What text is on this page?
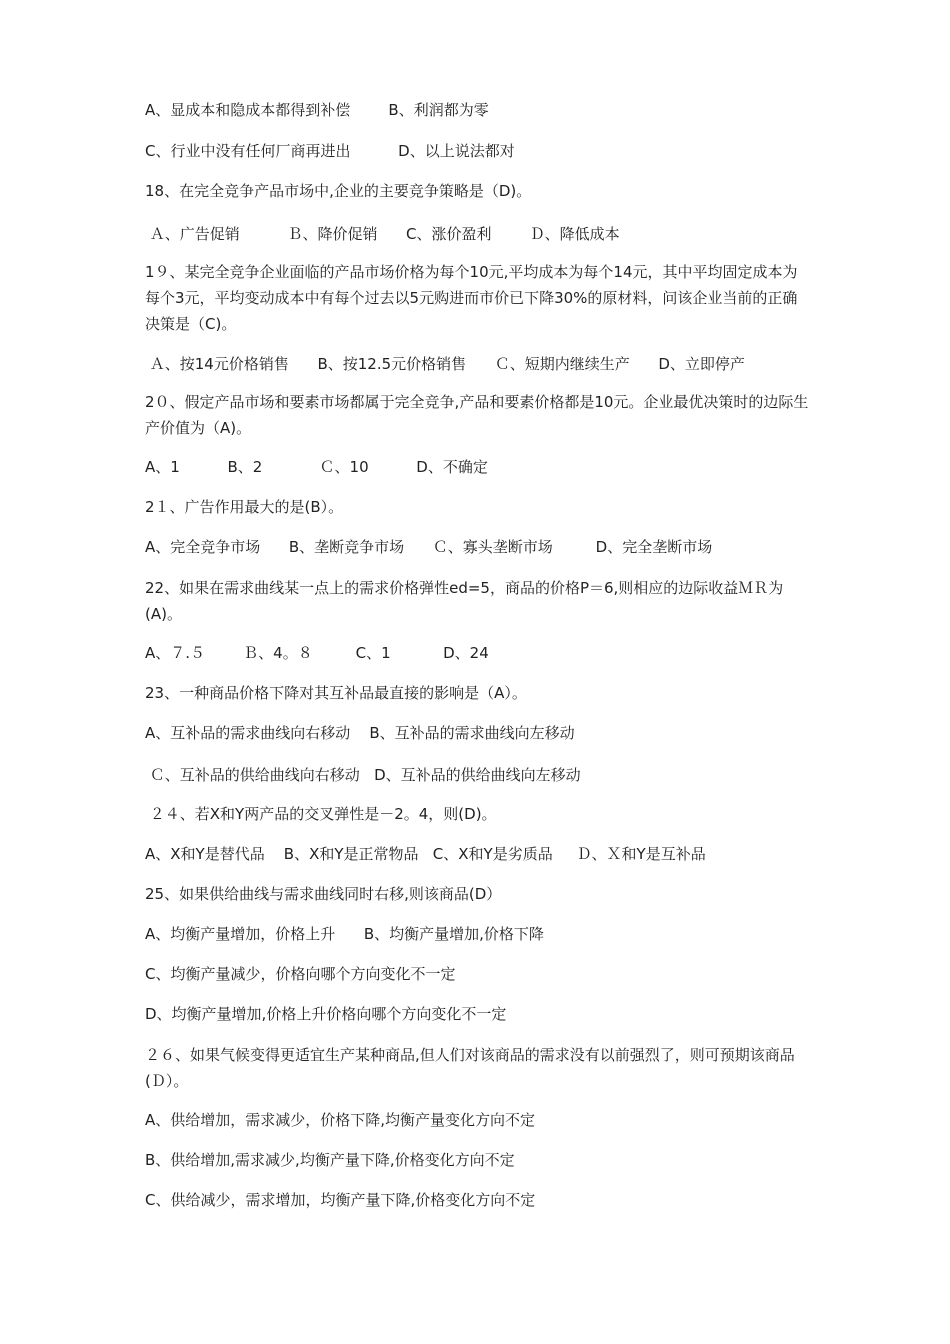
A、显成本和隐成本都得到补偿        B、利润都为零
C、行业中没有任何厂商再进出          D、以上说法都对
18、在完全竞争产品市场中,企业的主要竞争策略是（D)。
Ａ、广告促销          Ｂ、降价促销      C、涨价盈利        Ｄ、降低成本
1９、某完全竞争企业面临的产品市场价格为每个10元,平均成本为每个14元，其中平均固定成本为每个3元，平均变动成本中有每个过去以5元购进而市价已下降30%的原材料，问该企业当前的正确决策是（C)。
Ａ、按14元价格销售      B、按12.5元价格销售      Ｃ、短期内继续生产      D、立即停产
2０、假定产品市场和要素市场都属于完全竞争,产品和要素价格都是10元。企业最优决策时的边际生产价值为（A)。
A、1          B、2            Ｃ、10          D、不确定
2１、广告作用最大的是(B）。
A、完全竞争市场      B、垄断竞争市场      Ｃ、寡头垄断市场         D、完全垄断市场
22、如果在需求曲线某一点上的需求价格弹性ed=5，商品的价格P＝6,则相应的边际收益ＭＲ为(A)。
A、７.５        Ｂ、4。８         C、1           D、24
23、一种商品价格下降对其互补品最直接的影响是（A）。
A、互补品的需求曲线向右移动    B、互补品的需求曲线向左移动
Ｃ、互补品的供给曲线向右移动   D、互补品的供给曲线向左移动
２４、若X和Y两产品的交叉弹性是－2。4，则(D)。
A、X和Y是替代品    B、X和Y是正常物品   C、X和Y是劣质品     Ｄ、Ｘ和Y是互补品
25、如果供给曲线与需求曲线同时右移,则该商品(D）
A、均衡产量增加，价格上升      B、均衡产量增加,价格下降
C、均衡产量减少，价格向哪个方向变化不一定
D、均衡产量增加,价格上升价格向哪个方向变化不一定
２６、如果气候变得更适宜生产某种商品,但人们对该商品的需求没有以前强烈了，则可预期该商品(Ｄ）。
A、供给增加，需求减少，价格下降,均衡产量变化方向不定
B、供给增加,需求减少,均衡产量下降,价格变化方向不定
C、供给减少，需求增加，均衡产量下降,价格变化方向不定
